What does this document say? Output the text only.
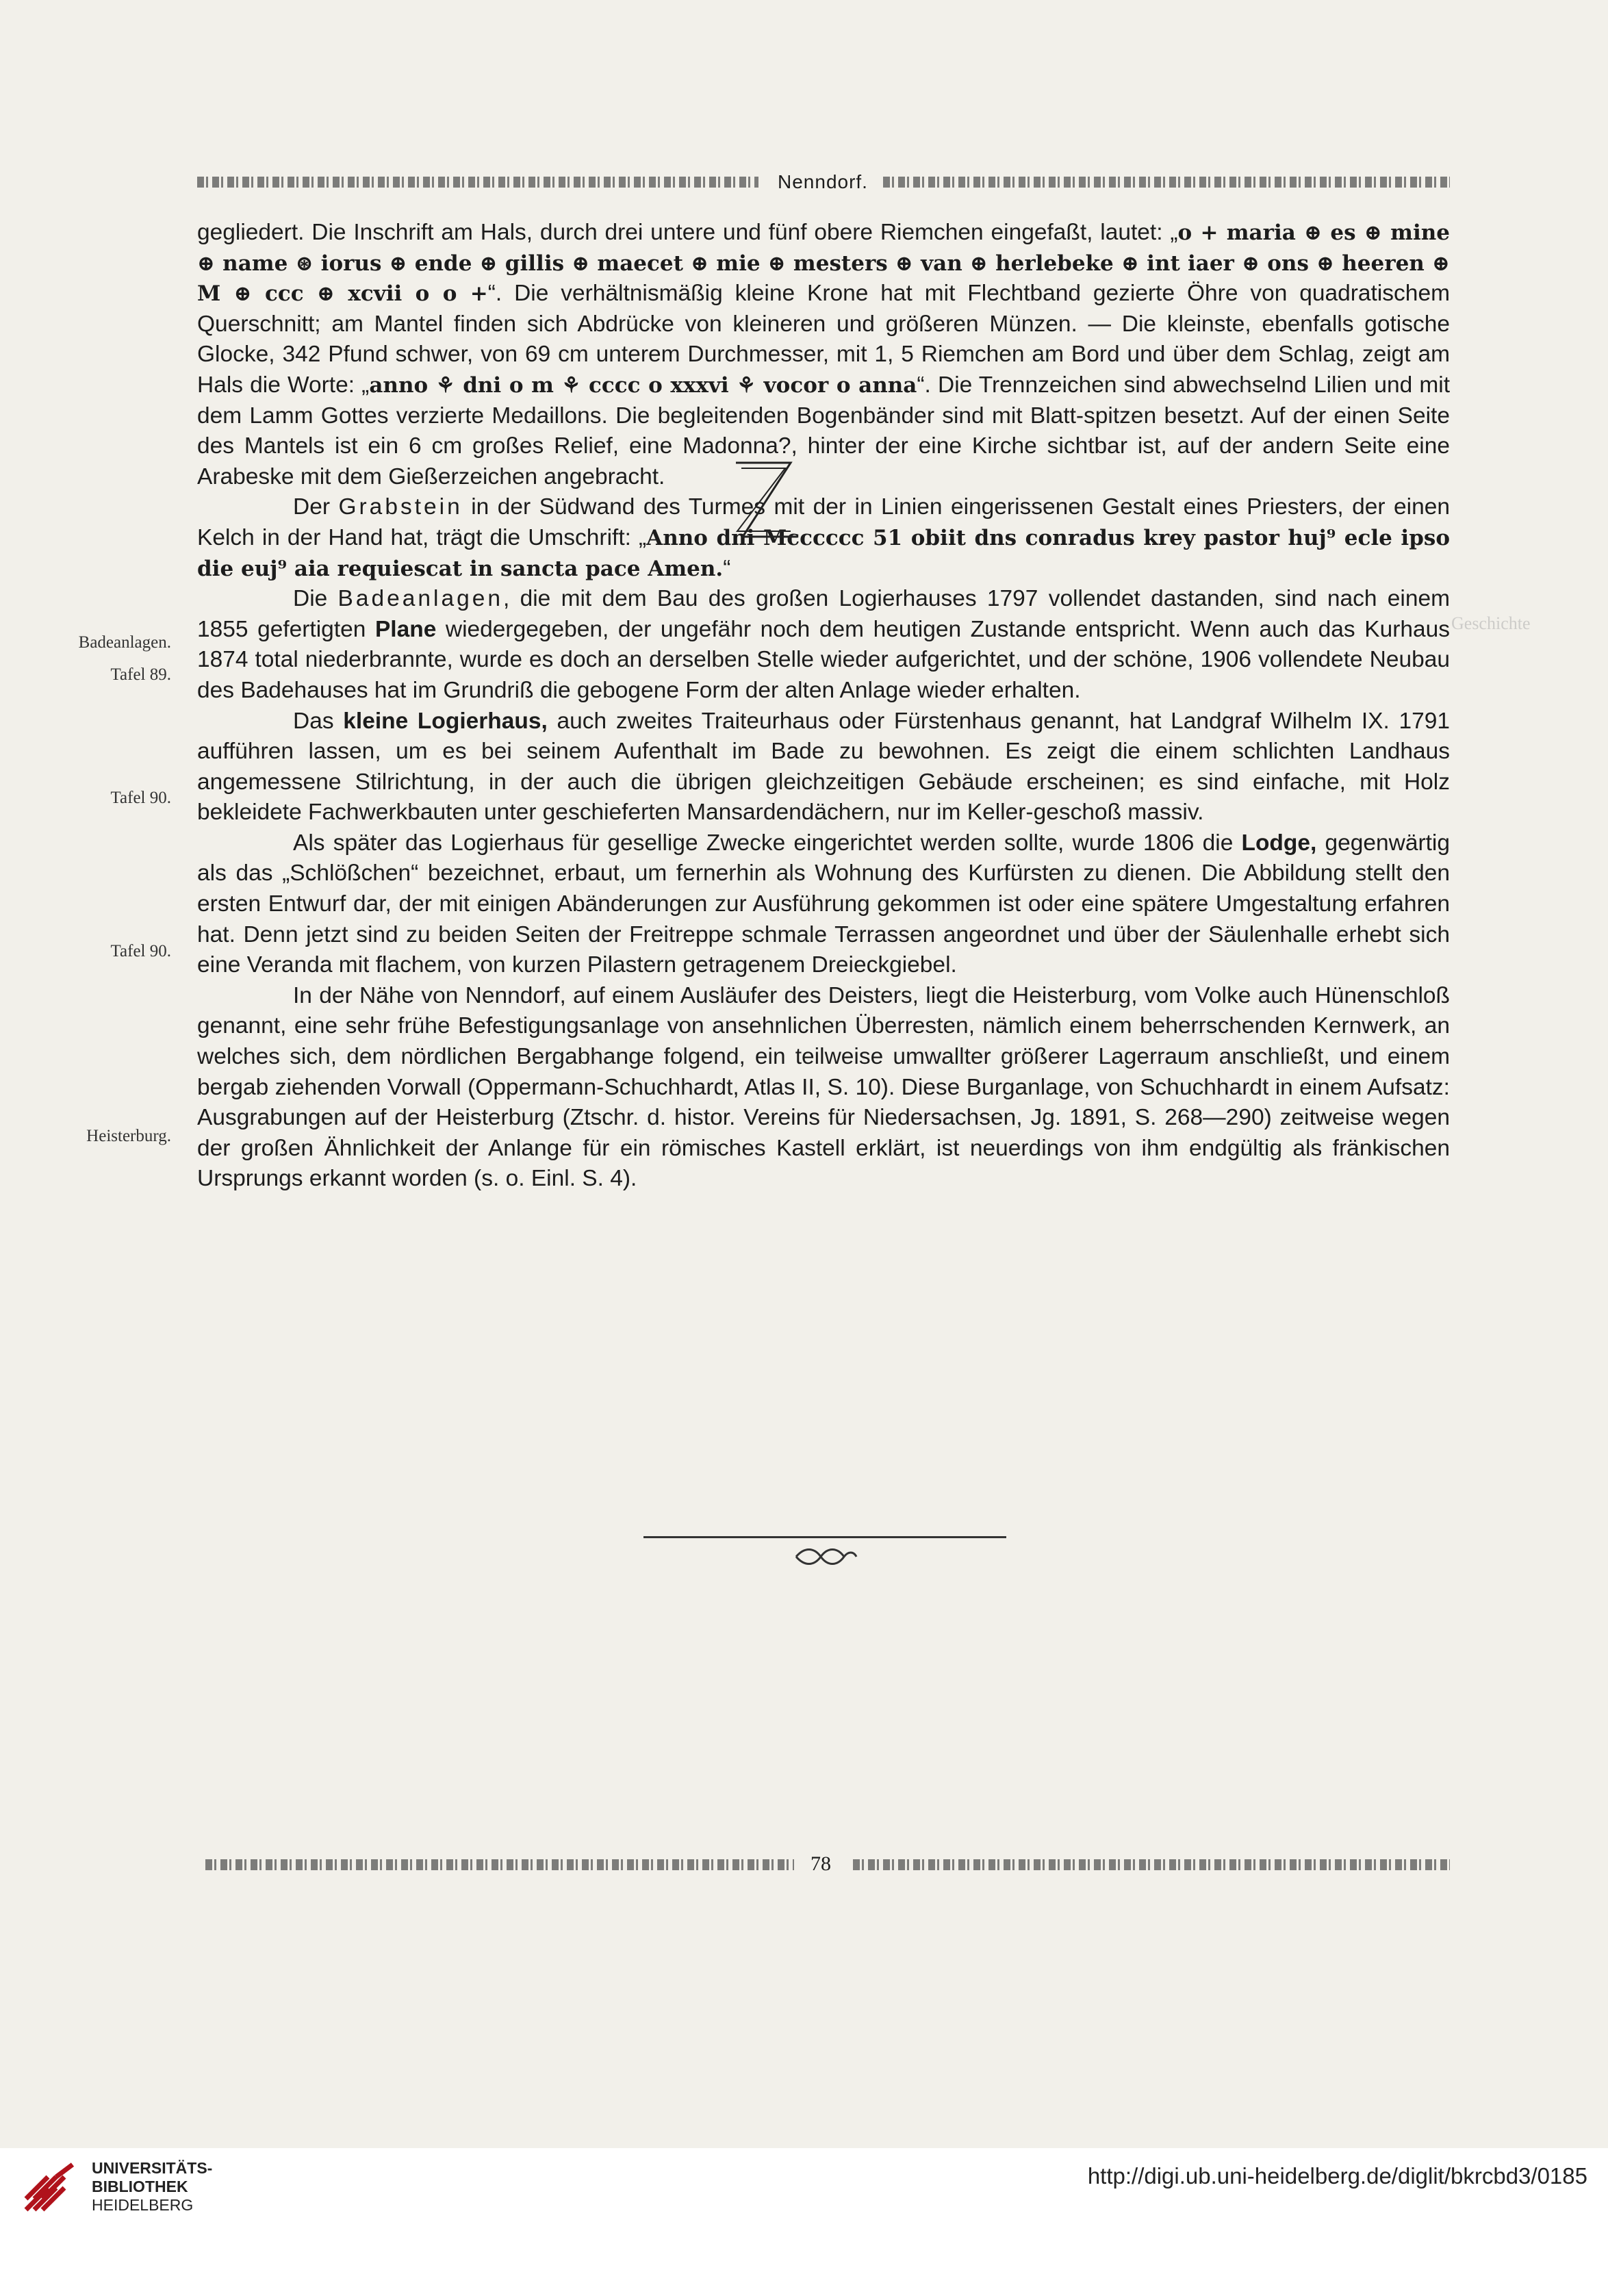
Nenndorf.
Badeanlagen.
Tafel 89.
Tafel 90.
Tafel 90.
Heisterburg.
Geschichte

gegliedert. Die Inschrift am Hals, durch drei untere und fünf obere Riemchen eingefaßt, lautet: „o + maria ⊕ es ⊕ mine ⊕ name ⊛ iorus ⊕ ende ⊕ gillis ⊕ maecet ⊕ mie ⊕ mesters ⊕ van ⊕ herlebeke ⊕ int iaer ⊕ ons ⊕ heeren ⊕ M ⊕ ccc ⊕ xcvii o o +“. Die verhältnismäßig kleine Krone hat mit Flechtband gezierte Öhre von quadratischem Querschnitt; am Mantel finden sich Abdrücke von kleineren und größeren Münzen. — Die kleinste, ebenfalls gotische Glocke, 342 Pfund schwer, von 69 cm unterem Durchmesser, mit 1, 5 Riemchen am Bord und über dem Schlag, zeigt am Hals die Worte: „anno ⚘ dni o m ⚘ cccc o xxxvi ⚘ vocor o anna“. Die Trennzeichen sind abwechselnd Lilien und mit dem Lamm Gottes verzierte Medaillons. Die begleitenden Bogenbänder sind mit Blatt-spitzen besetzt. Auf der einen Seite des Mantels ist ein 6 cm großes Relief, eine Madonna?, hinter der eine Kirche sichtbar ist, auf der andern Seite eine Arabeske mit dem Gießerzeichen angebracht.

Der Grabstein in der Südwand des Turmes mit der in Linien eingerissenen Gestalt eines Priesters, der einen Kelch in der Hand hat, trägt die Umschrift: „Anno dni Mcccccc 51 obiit dns conradus krey pastor huj⁹ ecle ipso die euj⁹ aia requiescat in sancta pace Amen.“

Die Badeanlagen, die mit dem Bau des großen Logierhauses 1797 vollendet dastanden, sind nach einem 1855 gefertigten Plane wiedergegeben, der ungefähr noch dem heutigen Zustande entspricht. Wenn auch das Kurhaus 1874 total niederbrannte, wurde es doch an derselben Stelle wieder aufgerichtet, und der schöne, 1906 vollendete Neubau des Badehauses hat im Grundriß die gebogene Form der alten Anlage wieder erhalten.

Das kleine Logierhaus, auch zweites Traiteurhaus oder Fürstenhaus genannt, hat Landgraf Wilhelm IX. 1791 aufführen lassen, um es bei seinem Aufenthalt im Bade zu bewohnen. Es zeigt die einem schlichten Landhaus angemessene Stilrichtung, in der auch die übrigen gleichzeitigen Gebäude erscheinen; es sind einfache, mit Holz bekleidete Fachwerkbauten unter geschieferten Mansardendächern, nur im Keller-geschoß massiv.

Als später das Logierhaus für gesellige Zwecke eingerichtet werden sollte, wurde 1806 die Lodge, gegenwärtig als das „Schlößchen“ bezeichnet, erbaut, um fernerhin als Wohnung des Kurfürsten zu dienen. Die Abbildung stellt den ersten Entwurf dar, der mit einigen Abänderungen zur Ausführung gekommen ist oder eine spätere Umgestaltung erfahren hat. Denn jetzt sind zu beiden Seiten der Freitreppe schmale Terrassen angeordnet und über der Säulenhalle erhebt sich eine Veranda mit flachem, von kurzen Pilastern getragenem Dreieckgiebel.

In der Nähe von Nenndorf, auf einem Ausläufer des Deisters, liegt die Heisterburg, vom Volke auch Hünenschloß genannt, eine sehr frühe Befestigungsanlage von ansehnlichen Überresten, nämlich einem beherrschenden Kernwerk, an welches sich, dem nördlichen Bergabhange folgend, ein teilweise umwallter größerer Lagerraum anschließt, und einem bergab ziehenden Vorwall (Oppermann-Schuchhardt, Atlas II, S. 10). Diese Burganlage, von Schuchhardt in einem Aufsatz: Ausgrabungen auf der Heisterburg (Ztschr. d. histor. Vereins für Niedersachsen, Jg. 1891, S. 268—290) zeitweise wegen der großen Ähnlichkeit der Anlange für ein römisches Kastell erklärt, ist neuerdings von ihm endgültig als fränkischen Ursprungs erkannt worden (s. o. Einl. S. 4).

78
UNIVERSITÄTS-
BIBLIOTHEK
HEIDELBERG
http://digi.ub.uni-heidelberg.de/diglit/bkrcbd3/0185
